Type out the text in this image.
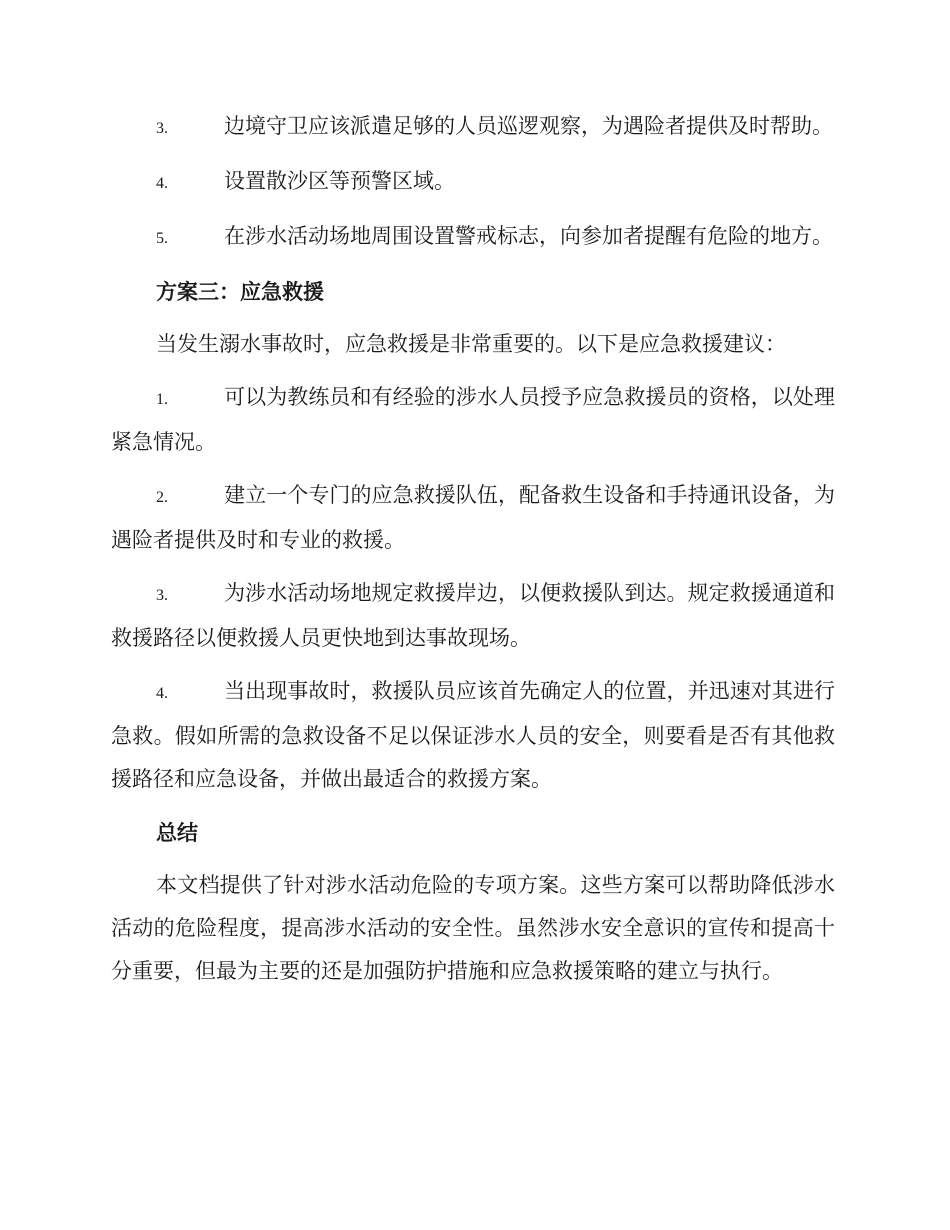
3.	边境守卫应该派遣足够的人员巡逻观察，为遇险者提供及时帮助。

4.	设置散沙区等预警区域。

5.	在涉水活动场地周围设置警戒标志，向参加者提醒有危险的地方。

方案三：应急救援

当发生溺水事故时，应急救援是非常重要的。以下是应急救援建议：

1.	可以为教练员和有经验的涉水人员授予应急救援员的资格，以处理紧急情况。

2.	建立一个专门的应急救援队伍，配备救生设备和手持通讯设备，为遇险者提供及时和专业的救援。

3.	为涉水活动场地规定救援岸边，以便救援队到达。规定救援通道和救援路径以便救援人员更快地到达事故现场。

4.	当出现事故时，救援队员应该首先确定人的位置，并迅速对其进行急救。假如所需的急救设备不足以保证涉水人员的安全，则要看是否有其他救援路径和应急设备，并做出最适合的救援方案。

总结

本文档提供了针对涉水活动危险的专项方案。这些方案可以帮助降低涉水活动的危险程度，提高涉水活动的安全性。虽然涉水安全意识的宣传和提高十分重要，但最为主要的还是加强防护措施和应急救援策略的建立与执行。
